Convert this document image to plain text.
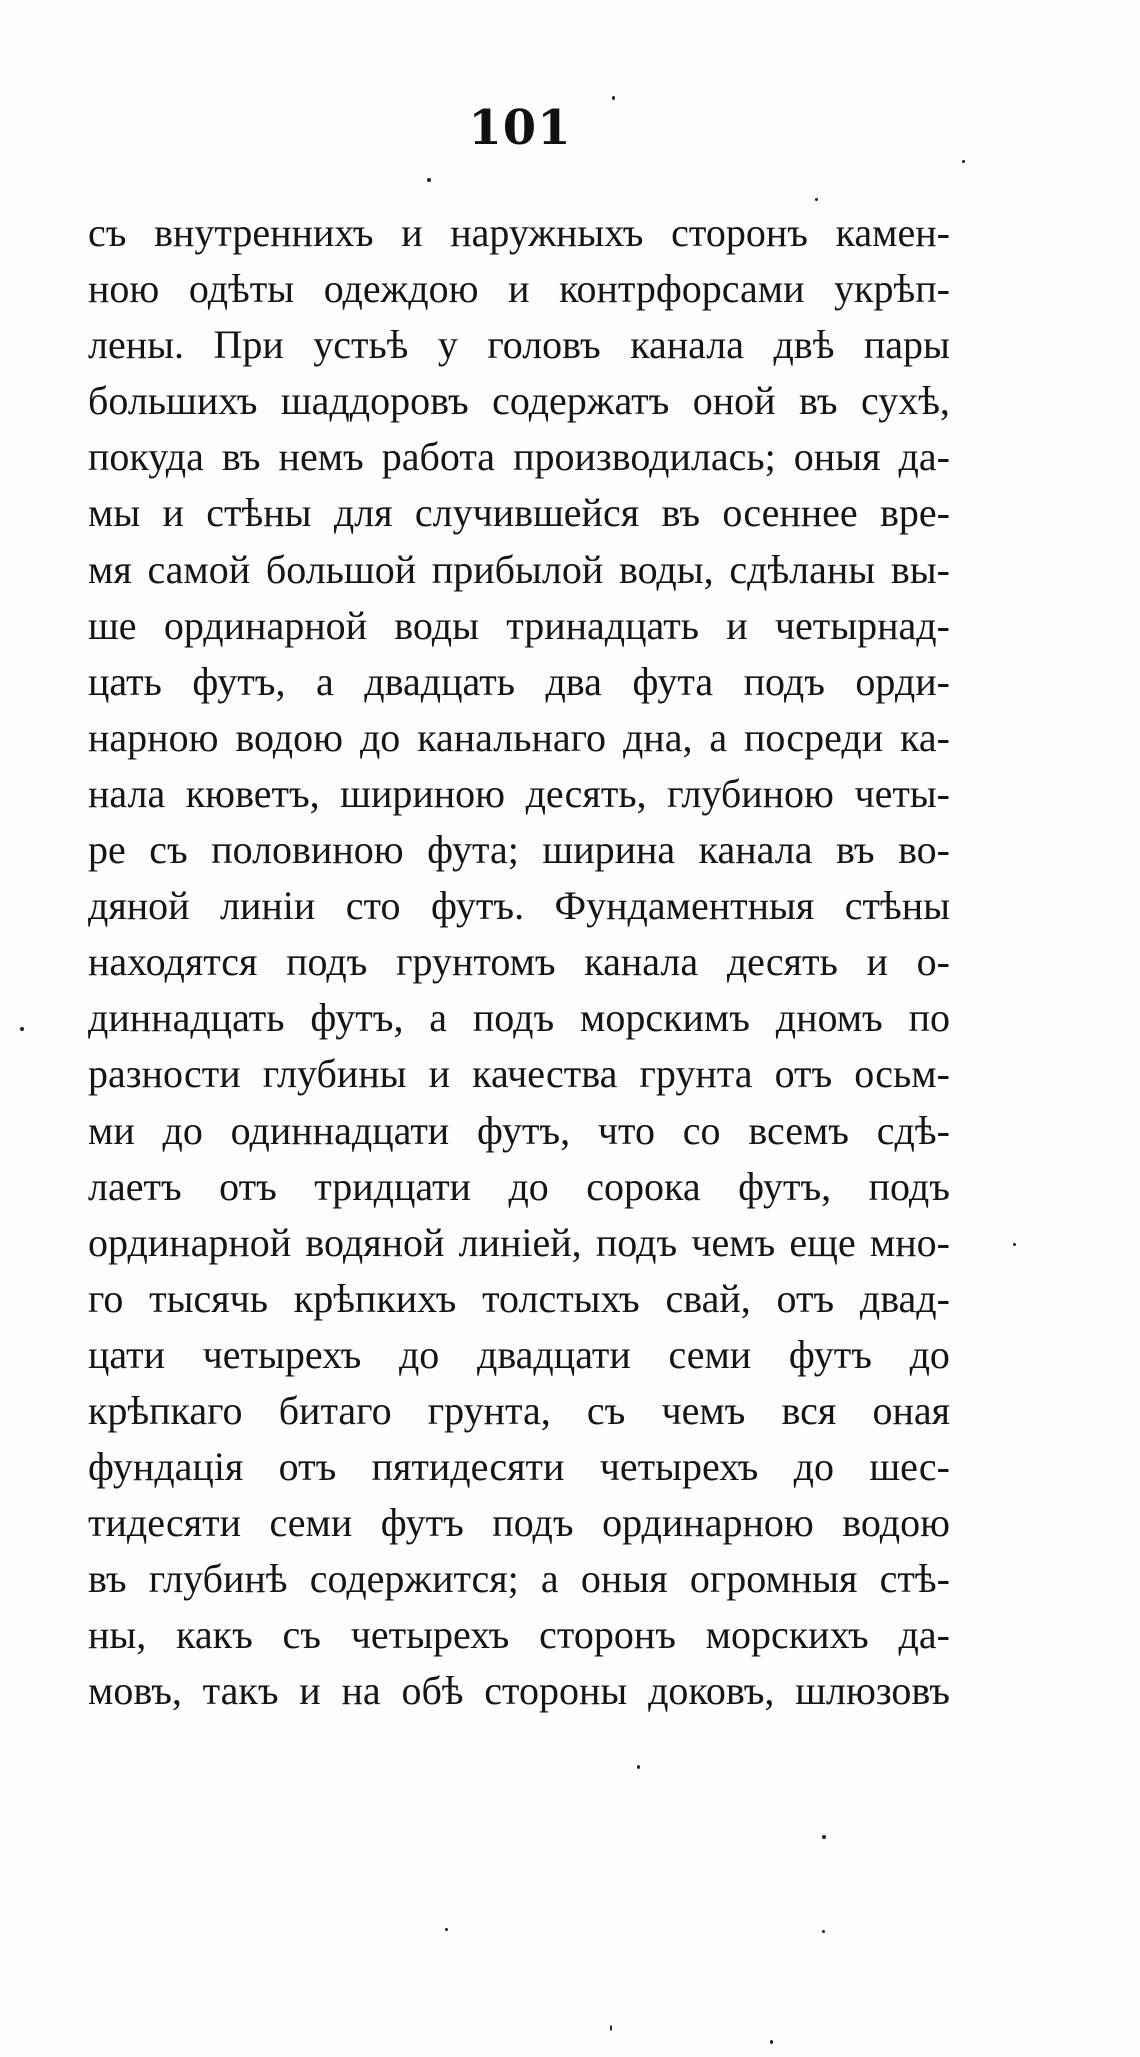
101
съ внутреннихъ и наружныхъ сторонъ камен-
ною одѣты одеждою и контрфорсами укрѣп-
лены. При устьѣ у головъ канала двѣ пары
большихъ шаддоровъ содержатъ оной въ сухѣ,
покуда въ немъ работа производилась; оныя да-
мы и стѣны для случившейся въ осеннее вре-
мя самой большой прибылой воды, сдѣланы вы-
ше ординарной воды тринадцать и четырнад-
цать футъ, а двадцать два фута подъ орди-
нарною водою до канальнаго дна, а посреди ка-
нала кюветъ, шириною десять, глубиною четы-
ре съ половиною фута; ширина канала въ во-
дяной линіи сто футъ. Фундаментныя стѣны
находятся подъ грунтомъ канала десять и о-
диннадцать футъ, а подъ морскимъ дномъ по
разности глубины и качества грунта отъ осьм-
ми до одиннадцати футъ, что со всемъ сдѣ-
лаетъ отъ тридцати до сорока футъ, подъ
ординарной водяной линіей, подъ чемъ еще мно-
го тысячь крѣпкихъ толстыхъ свай, отъ двад-
цати четырехъ до двадцати семи футъ до
крѣпкаго битаго грунта, съ чемъ вся оная
фундація отъ пятидесяти четырехъ до шес-
тидесяти семи футъ подъ ординарною водою
въ глубинѣ содержится; а оныя огромныя стѣ-
ны, какъ съ четырехъ сторонъ морскихъ да-
мовъ, такъ и на обѣ стороны доковъ, шлюзовъ
